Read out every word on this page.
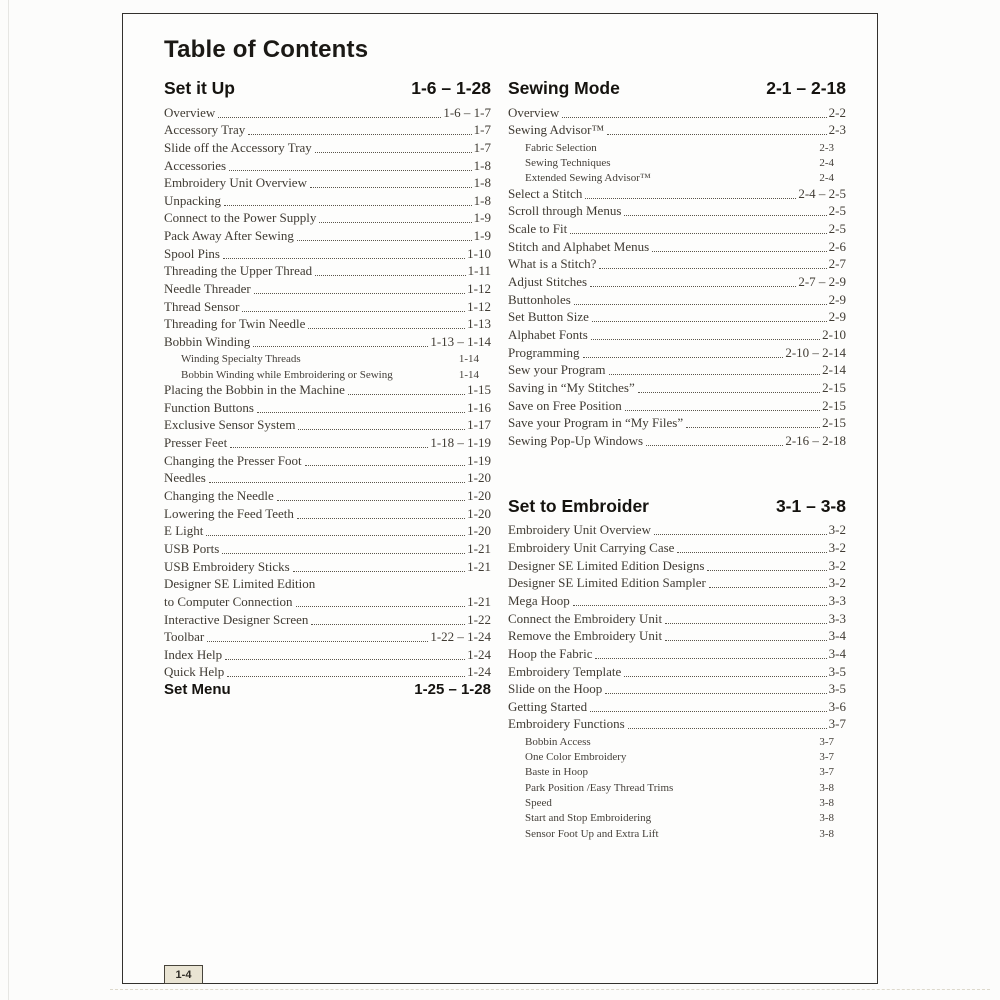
Table of Contents
Set it Up	1-6 – 1-28
Overview	1-6 – 1-7
Accessory Tray	1-7
Slide off the Accessory Tray	1-7
Accessories	1-8
Embroidery Unit Overview	1-8
Unpacking	1-8
Connect to the Power Supply	1-9
Pack Away After Sewing	1-9
Spool Pins	1-10
Threading the Upper Thread	1-11
Needle Threader	1-12
Thread Sensor	1-12
Threading for Twin Needle	1-13
Bobbin Winding	1-13 – 1-14
Winding Specialty Threads	1-14
Bobbin Winding while Embroidering or Sewing	1-14
Placing the Bobbin in the Machine	1-15
Function Buttons	1-16
Exclusive Sensor System	1-17
Presser Feet	1-18 – 1-19
Changing the Presser Foot	1-19
Needles	1-20
Changing the Needle	1-20
Lowering the Feed Teeth	1-20
E Light	1-20
USB Ports	1-21
USB Embroidery Sticks	1-21
Designer SE Limited Edition
to Computer Connection	1-21
Interactive Designer Screen	1-22
Toolbar	1-22 – 1-24
Index Help	1-24
Quick Help	1-24
Set Menu	1-25 – 1-28
Sewing Mode	2-1 – 2-18
Overview	2-2
Sewing Advisor™	2-3
Fabric Selection	2-3
Sewing Techniques	2-4
Extended Sewing Advisor™	2-4
Select a Stitch	2-4 – 2-5
Scroll through Menus	2-5
Scale to Fit	2-5
Stitch and Alphabet Menus	2-6
What is a Stitch?	2-7
Adjust Stitches	2-7 – 2-9
Buttonholes	2-9
Set Button Size	2-9
Alphabet Fonts	2-10
Programming	2-10 – 2-14
Sew your Program	2-14
Saving in “My Stitches”	2-15
Save on Free Position	2-15
Save your Program in “My Files”	2-15
Sewing Pop-Up Windows	2-16 – 2-18
Set to Embroider	3-1 – 3-8
Embroidery Unit Overview	3-2
Embroidery Unit Carrying Case	3-2
Designer SE Limited Edition Designs	3-2
Designer SE Limited Edition Sampler	3-2
Mega Hoop	3-3
Connect the Embroidery Unit	3-3
Remove the Embroidery Unit	3-4
Hoop the Fabric	3-4
Embroidery Template	3-5
Slide on the Hoop	3-5
Getting Started	3-6
Embroidery Functions	3-7
Bobbin Access	3-7
One Color Embroidery	3-7
Baste in Hoop	3-7
Park Position /Easy Thread Trims	3-8
Speed	3-8
Start and Stop Embroidering	3-8
Sensor Foot Up and Extra Lift	3-8
1-4
